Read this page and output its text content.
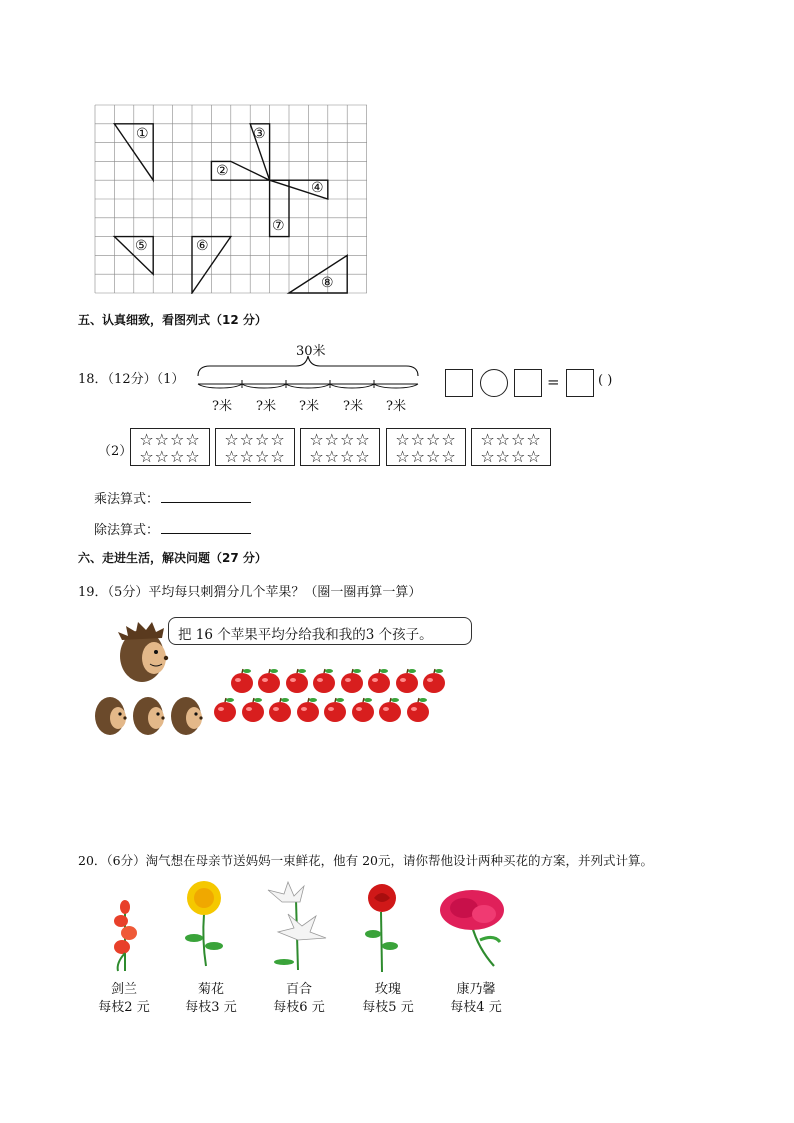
①
②
③
④
⑤	⑥
⑦
⑧
五、认真细致，看图列式（12 分）
18．（12分）（1）
30米
?米 ?米 ?米 ?米 ?米
=	( )
（2）
☆☆☆☆
☆☆☆☆
☆☆☆☆
☆☆☆☆
☆☆☆☆
☆☆☆☆
☆☆☆☆
☆☆☆☆
☆☆☆☆
☆☆☆☆
乘法算式：
除法算式：
六、走进生活，解决问题（27 分）
19．（5分）平均每只刺猬分几个苹果？（圈一圈再算一算）
把 16 个苹果平均分给我和我的3 个孩子。
20．（6分）淘气想在母亲节送妈妈一束鲜花，他有 20元，请你帮他设计两种买花的方案，并列式计算。
剑兰
每枝2 元
菊花
每枝3 元
百合
每枝6 元
玫瑰
每枝5 元
康乃馨
每枝4 元
